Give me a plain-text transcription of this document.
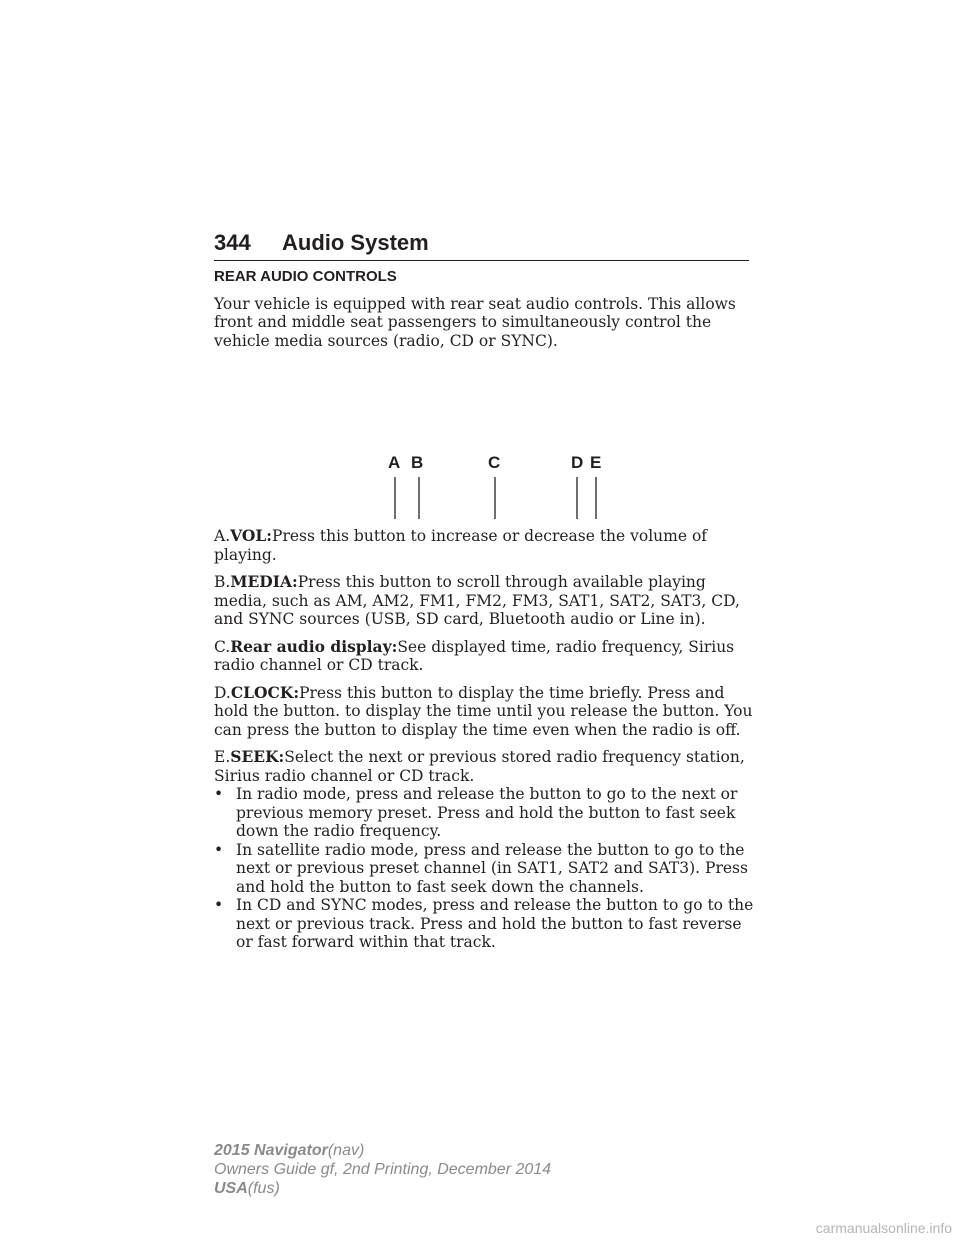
344 Audio System
REAR AUDIO CONTROLS
Your vehicle is equipped with rear seat audio controls. This allows front and middle seat passengers to simultaneously control the vehicle media sources (radio, CD or SYNC).
A B	C	D E
A.VOL:Press this button to increase or decrease the volume of playing.
B.MEDIA:Press this button to scroll through available playing media, such as AM, AM2, FM1, FM2, FM3, SAT1, SAT2, SAT3, CD, and SYNC sources (USB, SD card, Bluetooth audio or Line in).
C.Rear audio display:See displayed time, radio frequency, Sirius radio channel or CD track.
D.CLOCK:Press this button to display the time briefly. Press and hold the button. to display the time until you release the button. You can press the button to display the time even when the radio is off.
E.SEEK:Select the next or previous stored radio frequency station, Sirius radio channel or CD track.
• In radio mode, press and release the button to go to the next or previous memory preset. Press and hold the button to fast seek down the radio frequency.
• In satellite radio mode, press and release the button to go to the next or previous preset channel (in SAT1, SAT2 and SAT3). Press and hold the button to fast seek down the channels.
• In CD and SYNC modes, press and release the button to go to the next or previous track. Press and hold the button to fast reverse or fast forward within that track.
2015 Navigator(nav)
Owners Guide gf, 2nd Printing, December 2014
USA(fus)
carmanualsonline.info
